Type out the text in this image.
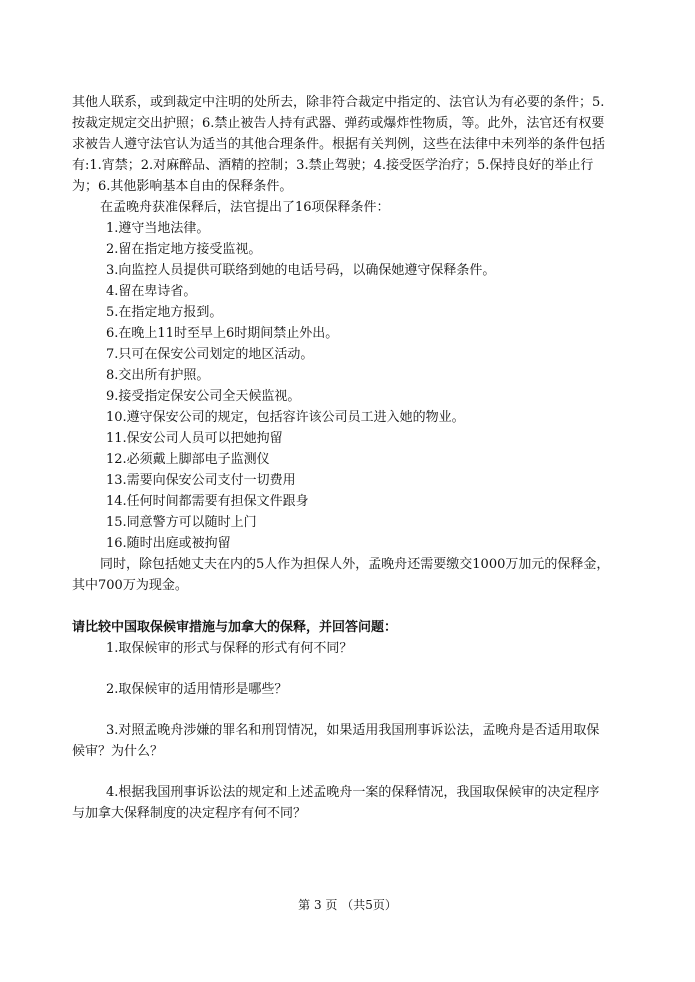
其他人联系，或到裁定中注明的处所去，除非符合裁定中指定的、法官认为有必要的条件；5.

按裁定规定交出护照；6.禁止被告人持有武器、弹药或爆炸性物质，等。此外，法官还有权要

求被告人遵守法官认为适当的其他合理条件。根据有关判例，这些在法律中未列举的条件包括

有:1.宵禁；2.对麻醉品、酒精的控制；3.禁止驾驶；4.接受医学治疗；5.保持良好的举止行

为；6.其他影响基本自由的保释条件。

在孟晚舟获准保释后，法官提出了16项保释条件：

1.遵守当地法律。
2.留在指定地方接受监视。
3.向监控人员提供可联络到她的电话号码，以确保她遵守保释条件。
4.留在卑诗省。
5.在指定地方报到。
6.在晚上11时至早上6时期间禁止外出。
7.只可在保安公司划定的地区活动。
8.交出所有护照。
9.接受指定保安公司全天候监视。
10.遵守保安公司的规定，包括容许该公司员工进入她的物业。
11.保安公司人员可以把她拘留
12.必须戴上脚部电子监测仪
13.需要向保安公司支付一切费用
14.任何时间都需要有担保文件跟身
15.同意警方可以随时上门
16.随时出庭或被拘留

同时，除包括她丈夫在内的5人作为担保人外，孟晚舟还需要缴交1000万加元的保释金，

其中700万为现金。

请比较中国取保候审措施与加拿大的保释，并回答问题：

1.取保候审的形式与保释的形式有何不同？

2.取保候审的适用情形是哪些？

3.对照孟晚舟涉嫌的罪名和刑罚情况，如果适用我国刑事诉讼法，孟晚舟是否适用取保

候审？为什么？

4.根据我国刑事诉讼法的规定和上述孟晚舟一案的保释情况，我国取保候审的决定程序

与加拿大保释制度的决定程序有何不同？

第 3 页 （共5页）
